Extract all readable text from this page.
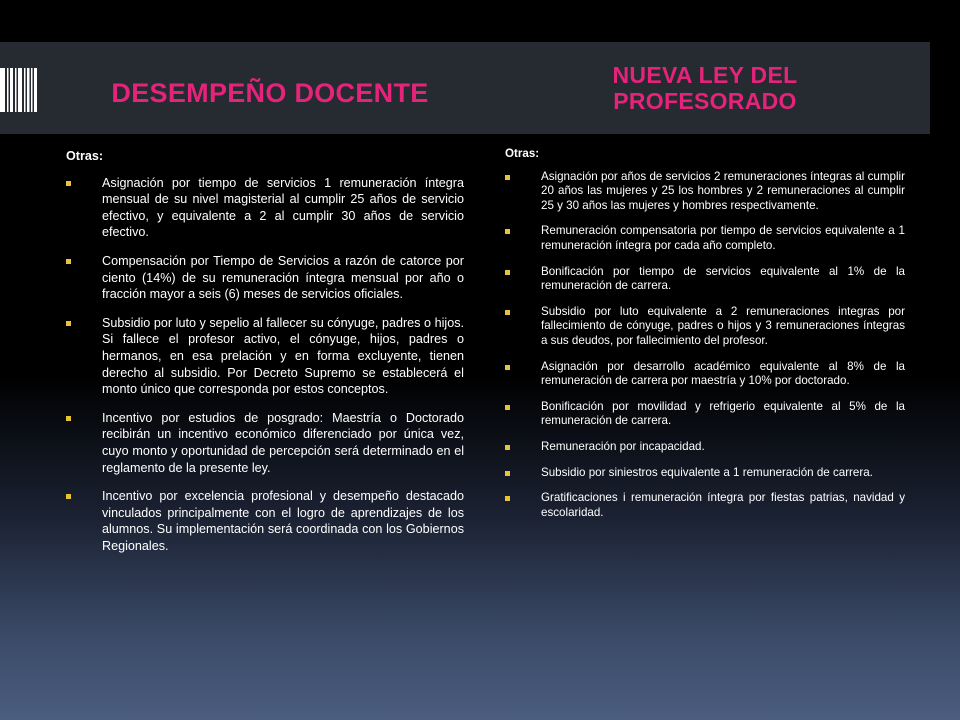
DESEMPEÑO DOCENTE
NUEVA LEY DEL PROFESORADO

Otras:

Asignación por tiempo de servicios 1 remuneración íntegra mensual de su nivel magisterial al cumplir 25 años de servicio efectivo, y equivalente a 2 al cumplir 30 años de servicio efectivo.
Compensación por Tiempo de Servicios a razón de catorce por ciento (14%) de su remuneración íntegra mensual por año o fracción mayor a seis (6) meses de servicios oficiales.
Subsidio por luto y sepelio al fallecer su cónyuge, padres o hijos. Si fallece el profesor activo, el cónyuge, hijos, padres o hermanos, en esa prelación y en forma excluyente, tienen derecho al subsidio. Por Decreto Supremo se establecerá el monto único que corresponda por estos conceptos.
Incentivo por estudios de posgrado: Maestría o Doctorado recibirán un incentivo económico diferenciado por única vez, cuyo monto y oportunidad de percepción será determinado en el reglamento de la presente ley.
Incentivo por excelencia profesional y desempeño destacado vinculados principalmente con el logro de aprendizajes de los alumnos. Su implementación será coordinada con los Gobiernos Regionales.

Otras:

Asignación por años de servicios 2 remuneraciones íntegras al cumplir 20 años las mujeres y 25 los hombres y 2 remuneraciones al cumplir 25 y 30 años las mujeres y hombres respectivamente.
Remuneración compensatoria por tiempo de servicios equivalente a 1 remuneración íntegra por cada año completo.
Bonificación por tiempo de servicios equivalente al 1% de la remuneración de carrera.
Subsidio por luto equivalente a 2 remuneraciones integras por fallecimiento de cónyuge, padres o hijos y 3 remuneraciones íntegras a sus deudos, por fallecimiento del profesor.
Asignación por desarrollo académico equivalente al 8% de la remuneración de carrera por maestría y 10% por doctorado.
Bonificación por movilidad y refrigerio equivalente al 5% de la remuneración de carrera.
Remuneración por incapacidad.
Subsidio por siniestros equivalente a 1 remuneración de carrera.
Gratificaciones i remuneración íntegra por fiestas patrias, navidad y escolaridad.
